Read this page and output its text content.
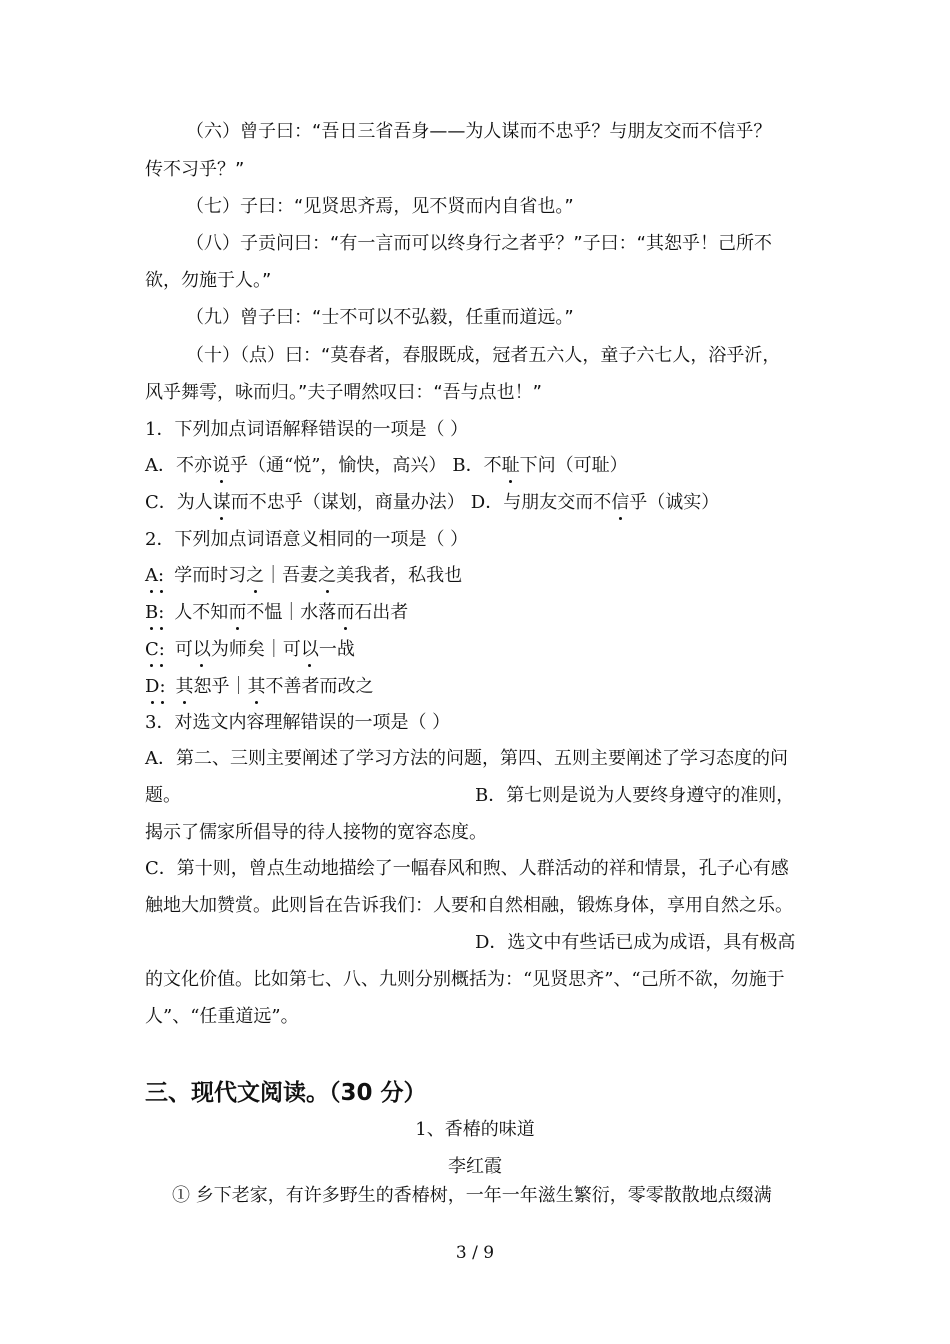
（六）曾子曰：“吾日三省吾身——为人谋而不忠乎？与朋友交而不信乎？
传不习乎？”
（七）子曰：“见贤思齐焉，见不贤而内自省也。”
（八）子贡问曰：“有一言而可以终身行之者乎？”子曰：“其恕乎！己所不
欲，勿施于人。”
（九）曾子曰：“士不可以不弘毅，任重而道远。”
（十）（点）曰：“莫春者，春服既成，冠者五六人，童子六七人，浴乎沂，
风乎舞雩，咏而归。”夫子喟然叹曰：“吾与点也！”
1．下列加点词语解释错误的一项是（ ）
A．不亦说乎（通“悦”，愉快，高兴） B．不耻下问（可耻）
C．为人谋而不忠乎（谋划，商量办法） D．与朋友交而不信乎（诚实）
2．下列加点词语意义相同的一项是（ ）
A: 学而时习之｜吾妻之美我者，私我也
B: 人不知而不愠｜水落而石出者
C: 可以为师矣｜可以一战
D: 其恕乎｜其不善者而改之
3．对选文内容理解错误的一项是（ ）
A．第二、三则主要阐述了学习方法的问题，第四、五则主要阐述了学习态度的问
题。	B．第七则是说为人要终身遵守的准则，
揭示了儒家所倡导的待人接物的宽容态度。
C．第十则，曾点生动地描绘了一幅春风和煦、人群活动的祥和情景，孔子心有感
触地大加赞赏。此则旨在告诉我们：人要和自然相融，锻炼身体，享用自然之乐。
D．选文中有些话已成为成语，具有极高
的文化价值。比如第七、八、九则分别概括为：“见贤思齐”、“己所不欲，勿施于
人”、“任重道远”。
三、现代文阅读。（30 分）
1、香椿的味道
李红霞
① 乡下老家，有许多野生的香椿树，一年一年滋生繁衍，零零散散地点缀满
3 / 9
